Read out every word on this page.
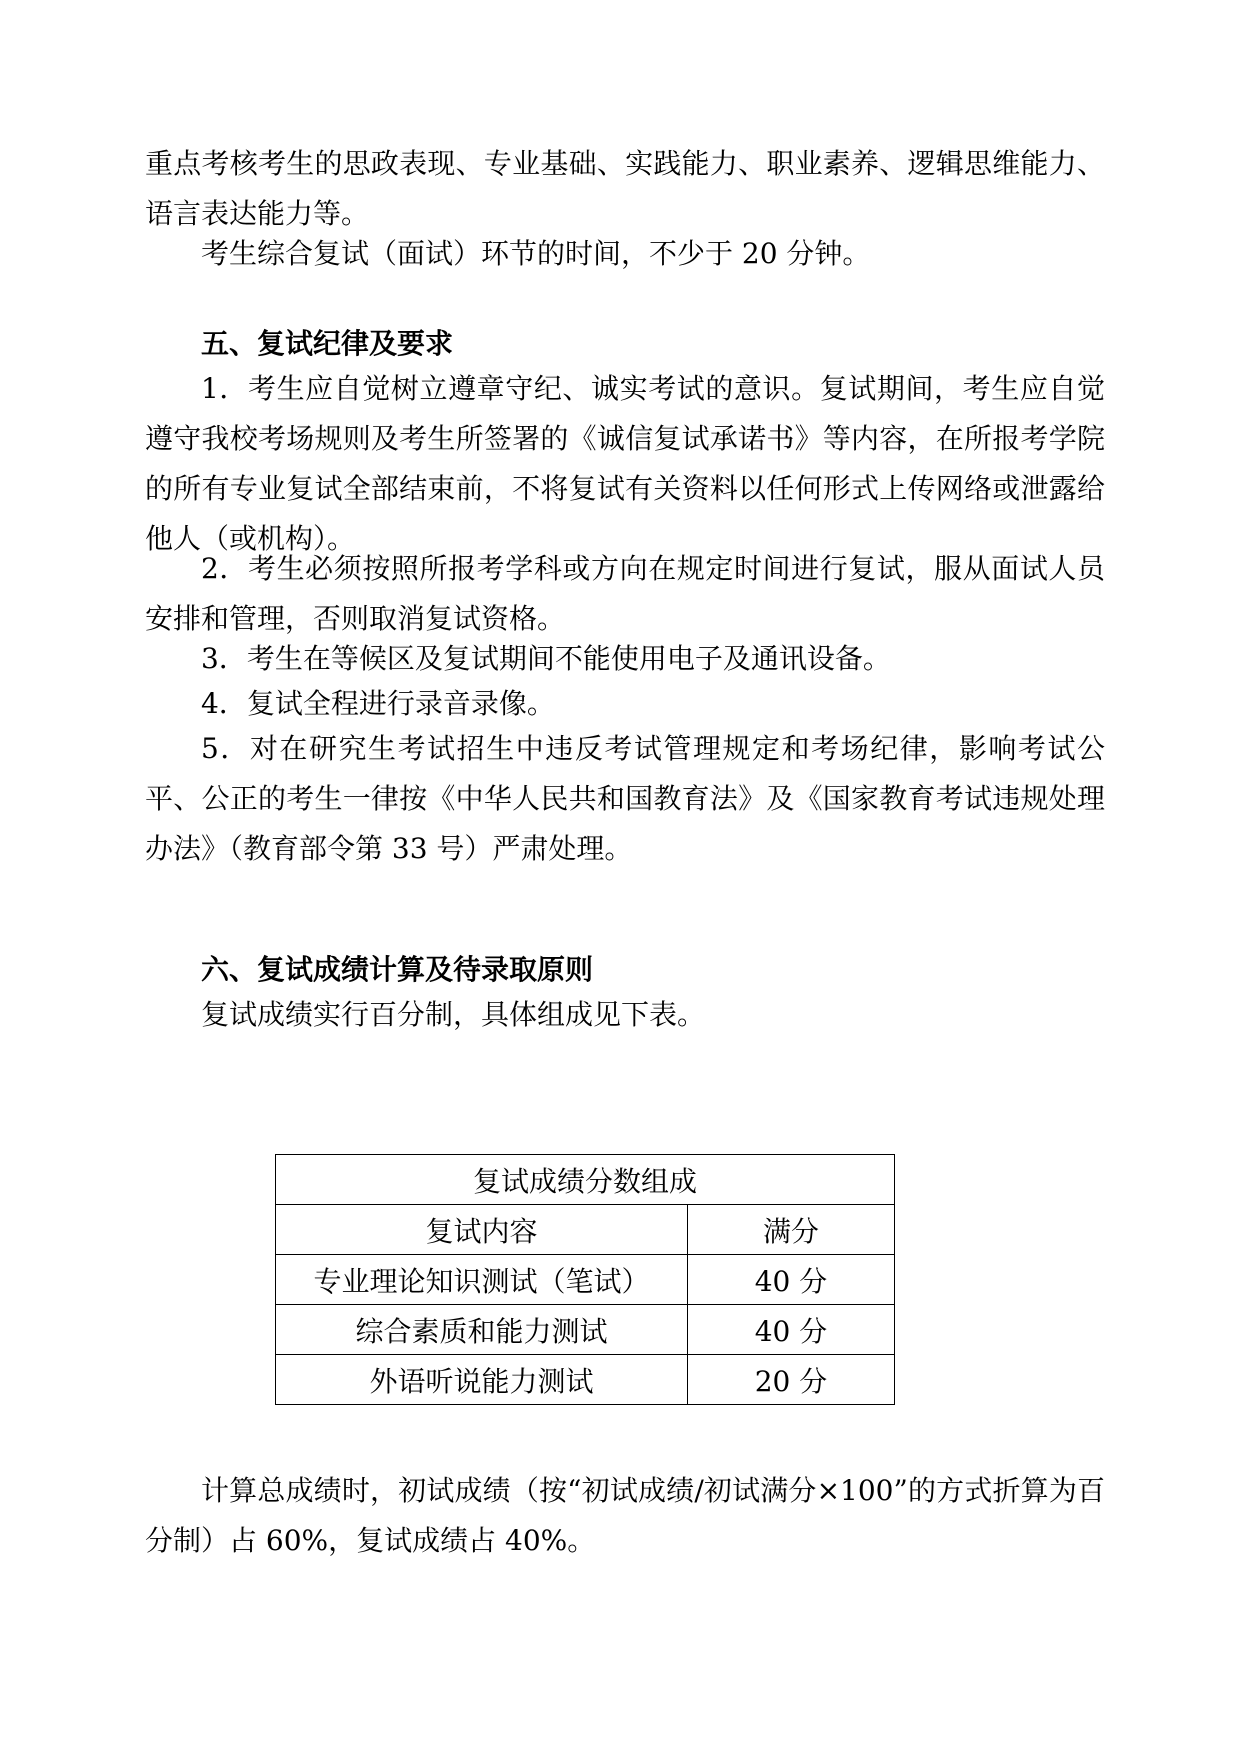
重点考核考生的思政表现、专业基础、实践能力、职业素养、逻辑思维能力、语言表达能力等。
考生综合复试（面试）环节的时间，不少于 20 分钟。
五、复试纪律及要求
1．考生应自觉树立遵章守纪、诚实考试的意识。复试期间，考生应自觉遵守我校考场规则及考生所签署的《诚信复试承诺书》等内容，在所报考学院的所有专业复试全部结束前，不将复试有关资料以任何形式上传网络或泄露给他人（或机构）。
2．考生必须按照所报考学科或方向在规定时间进行复试，服从面试人员安排和管理，否则取消复试资格。
3．考生在等候区及复试期间不能使用电子及通讯设备。
4．复试全程进行录音录像。
5．对在研究生考试招生中违反考试管理规定和考场纪律，影响考试公平、公正的考生一律按《中华人民共和国教育法》及《国家教育考试违规处理办法》（教育部令第 33 号）严肃处理。
六、复试成绩计算及待录取原则
复试成绩实行百分制，具体组成见下表。
复试成绩分数组成	
复试内容	满分
专业理论知识测试（笔试）	40 分
综合素质和能力测试	40 分
外语听说能力测试	20 分
计算总成绩时，初试成绩（按“初试成绩/初试满分×100”的方式折算为百分制）占 60%，复试成绩占 40%。
